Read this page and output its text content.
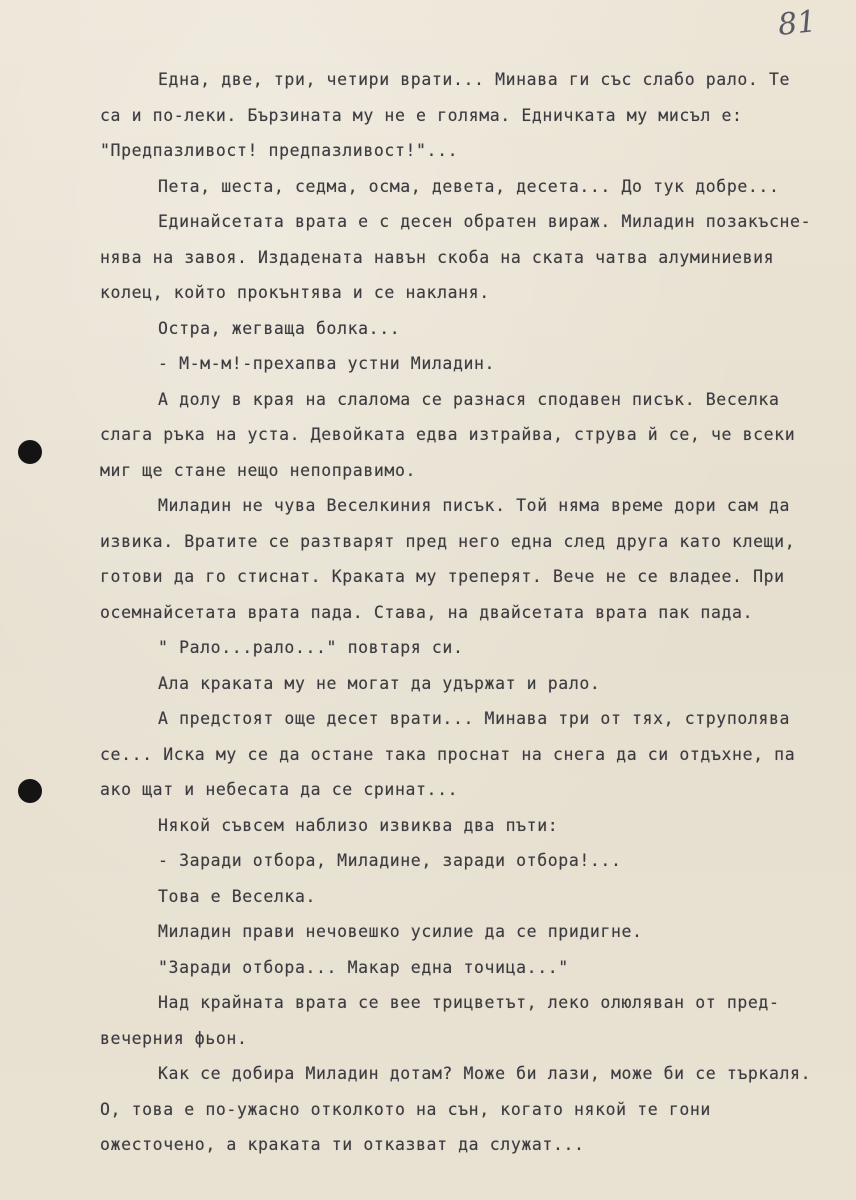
81
Една, две, три, четири врати... Минава ги със слабо рало. Те
са и по-леки. Бързината му не е голяма. Едничката му мисъл е:
"Предпазливост! предпазливост!"...
Пета, шеста, седма, осма, девета, десета... До тук добре...
Единайсетата врата е с десен обратен вираж. Миладин позакъсне-
нява на завоя. Издадената навън скоба на ската чатва алуминиевия
колец, който прокънтява и се накланя.
Остра, жегваща болка...
- М-м-м!-прехапва устни Миладин.
А долу в края на слалома се разнася сподавен писък. Веселка
слага ръка на уста. Девойката едва изтрайва, струва й се, че всеки
миг ще стане нещо непоправимо.
Миладин не чува Веселкиния писък. Той няма време дори сам да
извика. Вратите се разтварят пред него една след друга като клещи,
готови да го стиснат. Краката му треперят. Вече не се владее. При
осемнайсетата врата пада. Става, на двайсетата врата пак пада.
" Рало...рало..." повтаря си.
Ала краката му не могат да удържат и рало.
А предстоят още десет врати... Минава три от тях, струполява
се... Иска му се да остане така проснат на снега да си отдъхне, па
ако щат и небесата да се сринат...
Някой съвсем наблизо извиква два пъти:
- Заради отбора, Миладине, заради отбора!...
Това е Веселка.
Миладин прави нечовешко усилие да се придигне.
"Заради отбора... Макар една точица..."
Над крайната врата се вее трицветът, леко олюляван от пред-
вечерния фьон.
Как се добира Миладин дотам? Може би лази, може би се търкаля.
О, това е по-ужасно отколкото на сън, когато някой те гони
ожесточено, а краката ти отказват да служат...
